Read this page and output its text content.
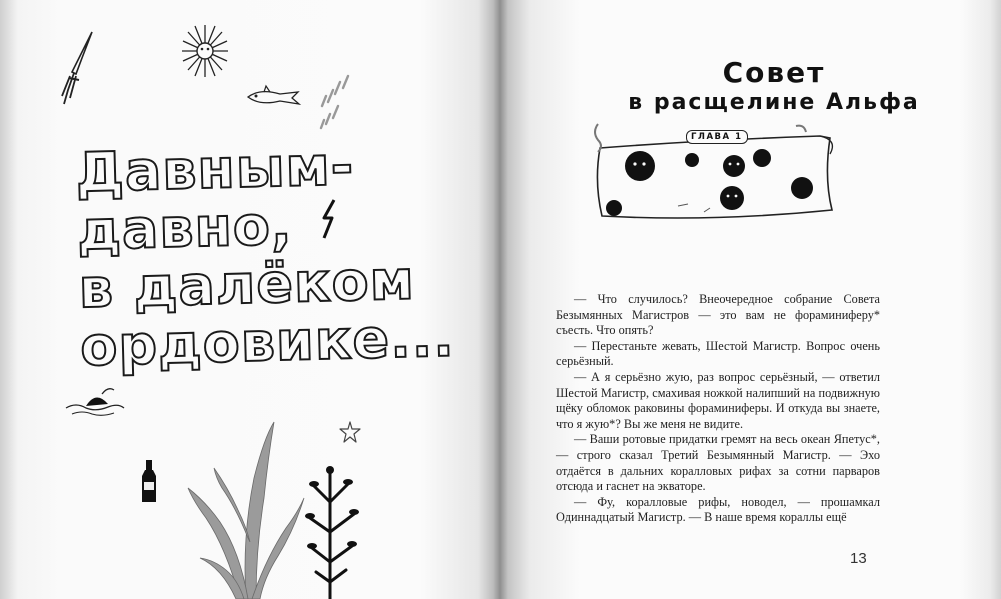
Давным-
давно,
в далёком
ордовике...
Совет
в расщелине Альфа
ГЛАВА 1

— Что случилось? Внеочередное собрание Совета Безымянных Магистров — это вам не фораминиферу* съесть. Что опять?

— Перестаньте жевать, Шестой Магистр. Вопрос очень серьёзный.

— А я серьёзно жую, раз вопрос серьёзный, — ответил Шестой Магистр, смахивая ножкой налипший на подвижную щёку обломок раковины фораминиферы. И откуда вы знаете, что я жую*? Вы же меня не видите.

— Ваши ротовые придатки гремят на весь океан Япетус*, — строго сказал Третий Безымянный Магистр. — Эхо отдаётся в дальних коралловых рифах за сотни парваров отсюда и гаснет на экваторе.

— Фу, коралловые рифы, новодел, — прошамкал Одиннадцатый Магистр. — В наше время кораллы ещё

13
